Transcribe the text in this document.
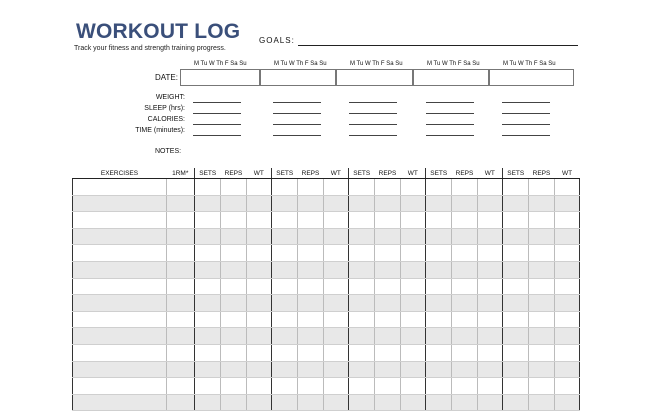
WORKOUT LOG
Track your fitness and strength training progress.
GOALS:
M Tu W Th F Sa Su	M Tu W Th F Sa Su	M Tu W Th F Sa Su	M Tu W Th F Sa Su	M Tu W Th F Sa Su
DATE:
WEIGHT:
SLEEP (hrs):
CALORIES:
TIME (minutes):
NOTES:
EXERCISES	1RM*	SETS	REPS	WT	SETS	REPS	WT	SETS	REPS	WT	SETS	REPS	WT	SETS	REPS	WT
